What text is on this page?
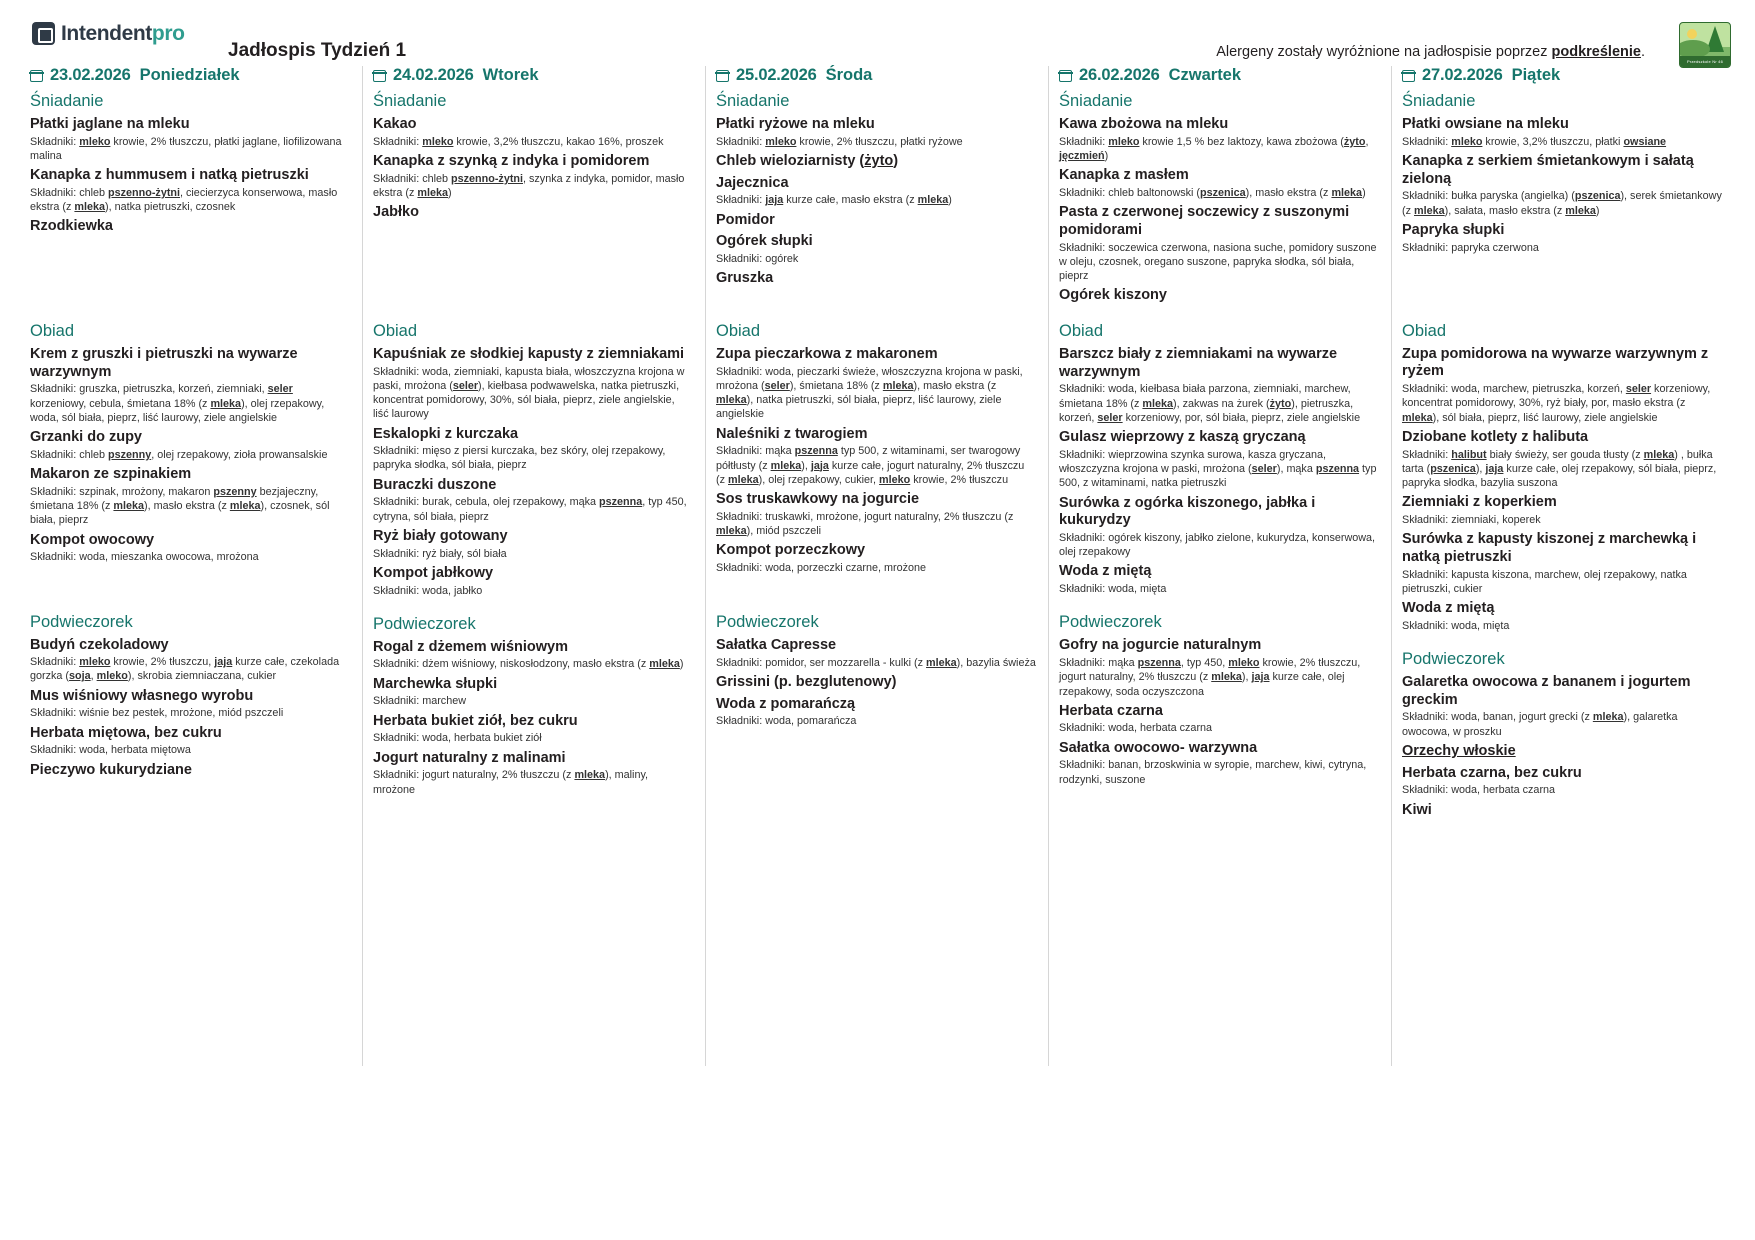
Intendentpro
Jadłospis Tydzień 1	Alergeny zostały wyróżnione na jadłospisie poprzez podkreślenie.
Przedszkole Nr 46
23.02.2026 Poniedziałek
Śniadanie
Płatki jaglane na mleku
Składniki: mleko krowie, 2% tłuszczu, płatki jaglane, liofilizowana malina
Kanapka z hummusem i natką pietruszki
Składniki: chleb pszenno-żytni, ciecierzyca konserwowa, masło ekstra (z mleka), natka pietruszki, czosnek
Rzodkiewka
Obiad
Krem z gruszki i pietruszki na wywarze warzywnym
Składniki: gruszka, pietruszka, korzeń, ziemniaki, seler korzeniowy, cebula, śmietana 18% (z mleka), olej rzepakowy, woda, sól biała, pieprz, liść laurowy, ziele angielskie
Grzanki do zupy
Składniki: chleb pszenny, olej rzepakowy, zioła prowansalskie
Makaron ze szpinakiem
Składniki: szpinak, mrożony, makaron pszenny bezjajeczny, śmietana 18% (z mleka), masło ekstra (z mleka), czosnek, sól biała, pieprz
Kompot owocowy
Składniki: woda, mieszanka owocowa, mrożona
Podwieczorek
Budyń czekoladowy
Składniki: mleko krowie, 2% tłuszczu, jaja kurze całe, czekolada gorzka (soja, mleko), skrobia ziemniaczana, cukier
Mus wiśniowy własnego wyrobu
Składniki: wiśnie bez pestek, mrożone, miód pszczeli
Herbata miętowa, bez cukru
Składniki: woda, herbata miętowa
Pieczywo kukurydziane
24.02.2026 Wtorek
Śniadanie
Kakao
Składniki: mleko krowie, 3,2% tłuszczu, kakao 16%, proszek
Kanapka z szynką z indyka i pomidorem
Składniki: chleb pszenno-żytni, szynka z indyka, pomidor, masło ekstra (z mleka)
Jabłko
Obiad
Kapuśniak ze słodkiej kapusty z ziemniakami
Składniki: woda, ziemniaki, kapusta biała, włoszczyzna krojona w paski, mrożona (seler), kiełbasa podwawelska, natka pietruszki, koncentrat pomidorowy, 30%, sól biała, pieprz, ziele angielskie, liść laurowy
Eskalopki z kurczaka
Składniki: mięso z piersi kurczaka, bez skóry, olej rzepakowy, papryka słodka, sól biała, pieprz
Buraczki duszone
Składniki: burak, cebula, olej rzepakowy, mąka pszenna, typ 450, cytryna, sól biała, pieprz
Ryż biały gotowany
Składniki: ryż biały, sól biała
Kompot jabłkowy
Składniki: woda, jabłko
Podwieczorek
Rogal z dżemem wiśniowym
Składniki: dżem wiśniowy, niskosłodzony, masło ekstra (z mleka)
Marchewka słupki
Składniki: marchew
Herbata bukiet ziół, bez cukru
Składniki: woda, herbata bukiet ziół
Jogurt naturalny z malinami
Składniki: jogurt naturalny, 2% tłuszczu (z mleka), maliny, mrożone
25.02.2026 Środa
Śniadanie
Płatki ryżowe na mleku
Składniki: mleko krowie, 2% tłuszczu, płatki ryżowe
Chleb wieloziarnisty (żyto)
Jajecznica
Składniki: jaja kurze całe, masło ekstra (z mleka)
Pomidor
Ogórek słupki
Składniki: ogórek
Gruszka
Obiad
Zupa pieczarkowa z makaronem
Składniki: woda, pieczarki świeże, włoszczyzna krojona w paski, mrożona (seler), śmietana 18% (z mleka), masło ekstra (z mleka), natka pietruszki, sól biała, pieprz, liść laurowy, ziele angielskie
Naleśniki z twarogiem
Składniki: mąka pszenna typ 500, z witaminami, ser twarogowy półtłusty (z mleka), jaja kurze całe, jogurt naturalny, 2% tłuszczu (z mleka), olej rzepakowy, cukier, mleko krowie, 2% tłuszczu
Sos truskawkowy na jogurcie
Składniki: truskawki, mrożone, jogurt naturalny, 2% tłuszczu (z mleka), miód pszczeli
Kompot porzeczkowy
Składniki: woda, porzeczki czarne, mrożone
Podwieczorek
Sałatka Capresse
Składniki: pomidor, ser mozzarella - kulki (z mleka), bazylia świeża
Grissini (p. bezglutenowy)
Woda z pomarańczą
Składniki: woda, pomarańcza
26.02.2026 Czwartek
Śniadanie
Kawa zbożowa na mleku
Składniki: mleko krowie 1,5 % bez laktozy, kawa zbożowa (żyto, jęczmień)
Kanapka z masłem
Składniki: chleb baltonowski (pszenica), masło ekstra (z mleka)
Pasta z czerwonej soczewicy z suszonymi pomidorami
Składniki: soczewica czerwona, nasiona suche, pomidory suszone w oleju, czosnek, oregano suszone, papryka słodka, sól biała, pieprz
Ogórek kiszony
Obiad
Barszcz biały z ziemniakami na wywarze warzywnym
Składniki: woda, kiełbasa biała parzona, ziemniaki, marchew, śmietana 18% (z mleka), zakwas na żurek (żyto), pietruszka, korzeń, seler korzeniowy, por, sól biała, pieprz, ziele angielskie
Gulasz wieprzowy z kaszą gryczaną
Składniki: wieprzowina szynka surowa, kasza gryczana, włoszczyzna krojona w paski, mrożona (seler), mąka pszenna typ 500, z witaminami, natka pietruszki
Surówka z ogórka kiszonego, jabłka i kukurydzy
Składniki: ogórek kiszony, jabłko zielone, kukurydza, konserwowa, olej rzepakowy
Woda z miętą
Składniki: woda, mięta
Podwieczorek
Gofry na jogurcie naturalnym
Składniki: mąka pszenna, typ 450, mleko krowie, 2% tłuszczu, jogurt naturalny, 2% tłuszczu (z mleka), jaja kurze całe, olej rzepakowy, soda oczyszczona
Herbata czarna
Składniki: woda, herbata czarna
Sałatka owocowo- warzywna
Składniki: banan, brzoskwinia w syropie, marchew, kiwi, cytryna, rodzynki, suszone
27.02.2026 Piątek
Śniadanie
Płatki owsiane na mleku
Składniki: mleko krowie, 3,2% tłuszczu, płatki owsiane
Kanapka z serkiem śmietankowym i sałatą zieloną
Składniki: bułka paryska (angielka) (pszenica), serek śmietankowy (z mleka), sałata, masło ekstra (z mleka)
Papryka słupki
Składniki: papryka czerwona
Obiad
Zupa pomidorowa na wywarze warzywnym z ryżem
Składniki: woda, marchew, pietruszka, korzeń, seler korzeniowy, koncentrat pomidorowy, 30%, ryż biały, por, masło ekstra (z mleka), sól biała, pieprz, liść laurowy, ziele angielskie
Dziobane kotlety z halibuta
Składniki: halibut biały świeży, ser gouda tłusty (z mleka) , bułka tarta (pszenica), jaja kurze całe, olej rzepakowy, sól biała, pieprz, papryka słodka, bazylia suszona
Ziemniaki z koperkiem
Składniki: ziemniaki, koperek
Surówka z kapusty kiszonej z marchewką i natką pietruszki
Składniki: kapusta kiszona, marchew, olej rzepakowy, natka pietruszki, cukier
Woda z miętą
Składniki: woda, mięta
Podwieczorek
Galaretka owocowa z bananem i jogurtem greckim
Składniki: woda, banan, jogurt grecki (z mleka), galaretka owocowa, w proszku
Orzechy włoskie
Herbata czarna, bez cukru
Składniki: woda, herbata czarna
Kiwi
